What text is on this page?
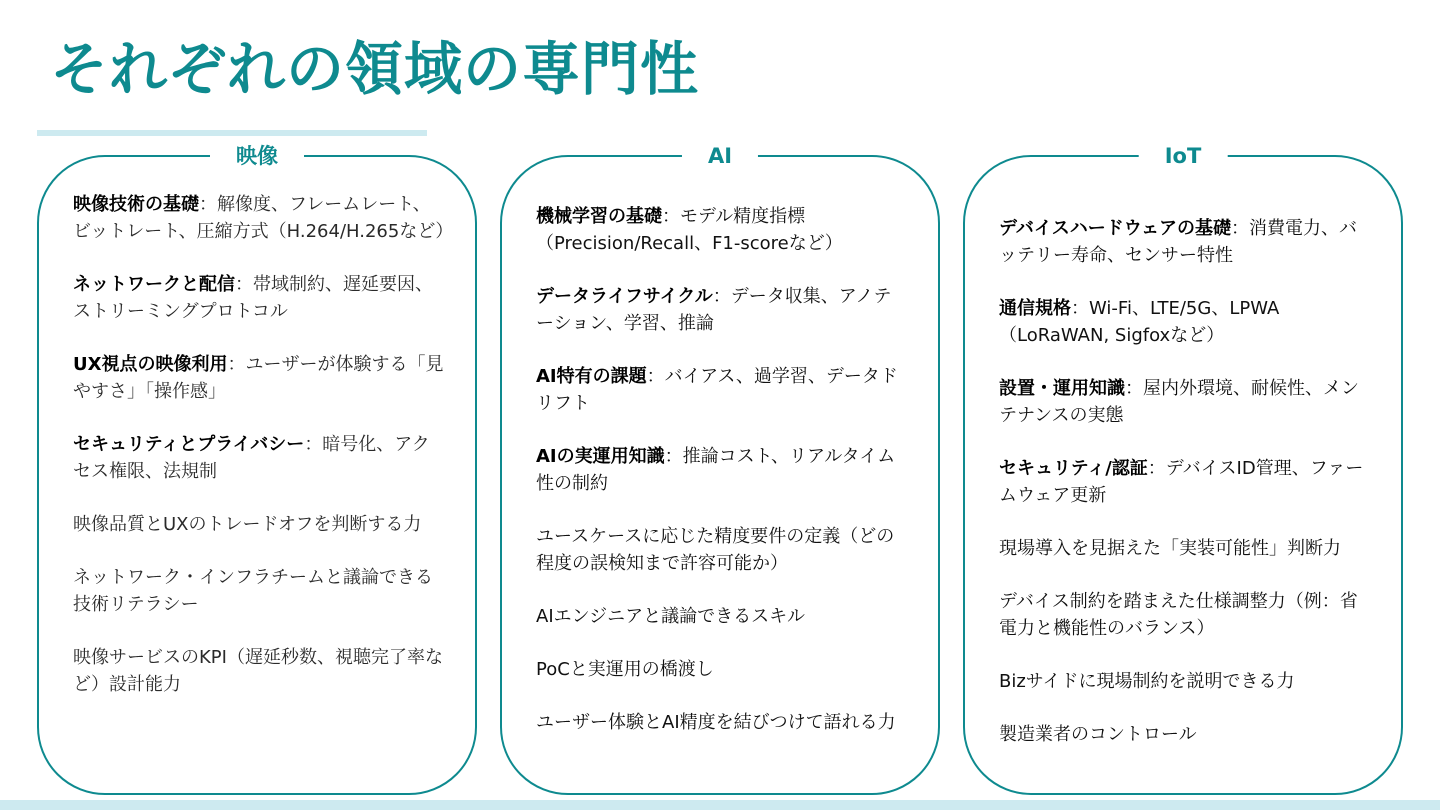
それぞれの領域の専門性
映像
映像技術の基礎：解像度、フレームレート、ビットレート、圧縮方式（H.264/H.265など）
ネットワークと配信：帯域制約、遅延要因、ストリーミングプロトコル
UX視点の映像利用：ユーザーが体験する「見やすさ」「操作感」
セキュリティとプライバシー：暗号化、アクセス権限、法規制
映像品質とUXのトレードオフを判断する力
ネットワーク・インフラチームと議論できる技術リテラシー
映像サービスのKPI（遅延秒数、視聴完了率など）設計能力
AI
機械学習の基礎：モデル精度指標（Precision/Recall、F1-scoreなど）
データライフサイクル：データ収集、アノテーション、学習、推論
AI特有の課題：バイアス、過学習、データドリフト
AIの実運用知識：推論コスト、リアルタイム性の制約
ユースケースに応じた精度要件の定義（どの程度の誤検知まで許容可能か）
AIエンジニアと議論できるスキル
PoCと実運用の橋渡し
ユーザー体験とAI精度を結びつけて語れる力
IoT
デバイスハードウェアの基礎：消費電力、バッテリー寿命、センサー特性
通信規格：Wi-Fi、LTE/5G、LPWA（LoRaWAN, Sigfoxなど）
設置・運用知識：屋内外環境、耐候性、メンテナンスの実態
セキュリティ/認証：デバイスID管理、ファームウェア更新
現場導入を見据えた「実装可能性」判断力
デバイス制約を踏まえた仕様調整力（例：省電力と機能性のバランス）
Bizサイドに現場制約を説明できる力
製造業者のコントロール
